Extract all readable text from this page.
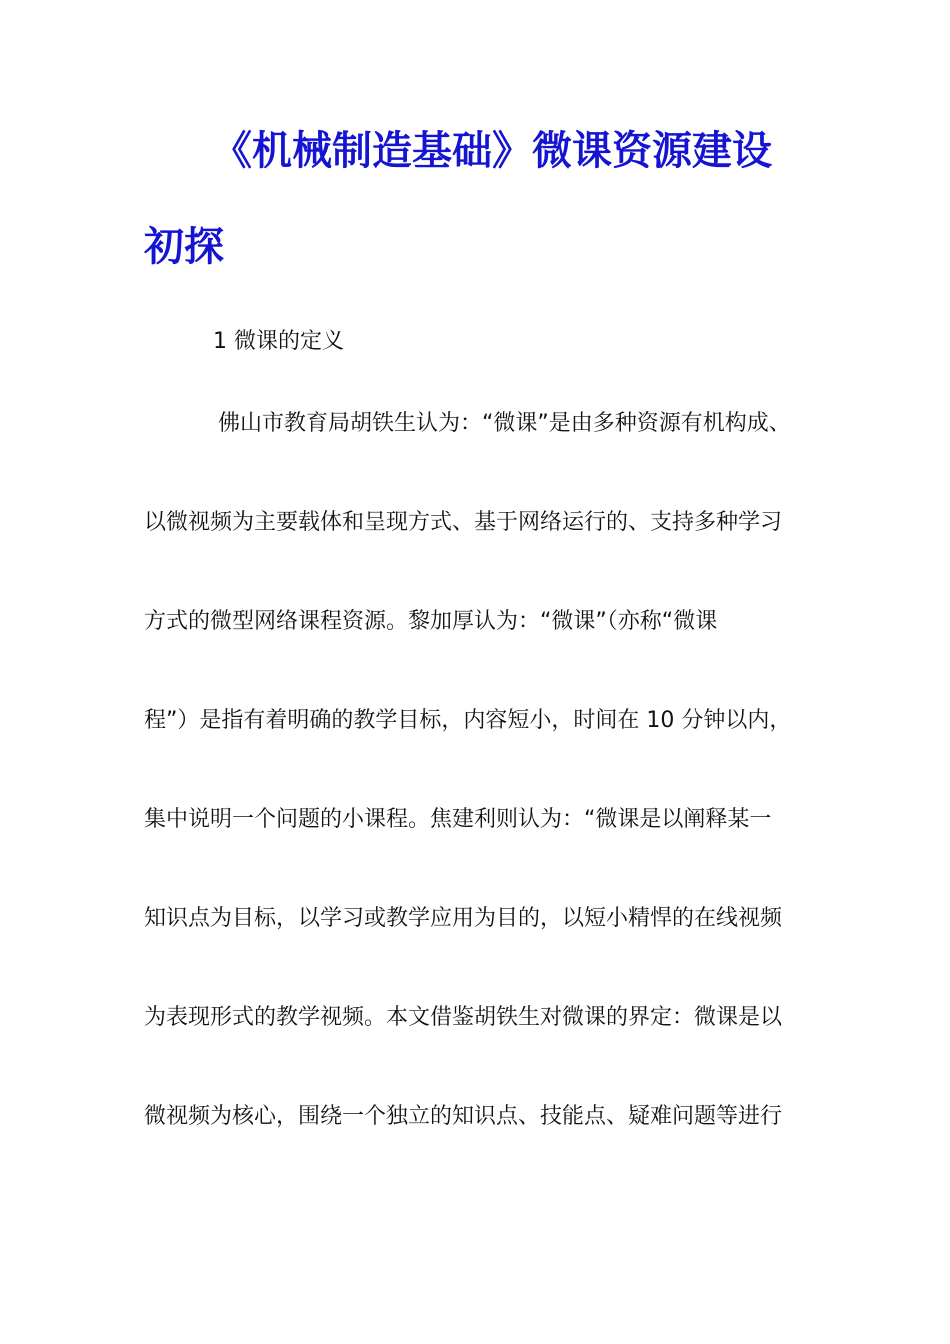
《机械制造基础》微课资源建设
初探
1 微课的定义
佛山市教育局胡铁生认为：“微课”是由多种资源有机构成、
以微视频为主要载体和呈现方式、基于网络运行的、支持多种学习
方式的微型网络课程资源。黎加厚认为：“微课”（亦称“微课
程”）是指有着明确的教学目标，内容短小，时间在 10 分钟以内，
集中说明一个问题的小课程。焦建利则认为：“微课是以阐释某一
知识点为目标，以学习或教学应用为目的，以短小精悍的在线视频
为表现形式的教学视频。本文借鉴胡铁生对微课的界定：微课是以
微视频为核心，围绕一个独立的知识点、技能点、疑难问题等进行
